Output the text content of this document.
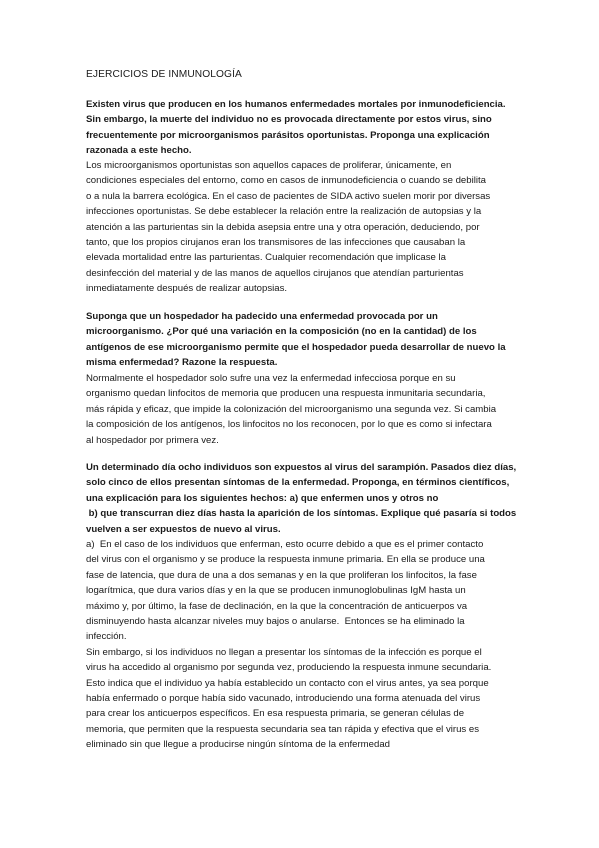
EJERCICIOS DE INMUNOLOGÍA
Existen virus que producen en los humanos enfermedades mortales por inmunodeficiencia.
Sin embargo, la muerte del individuo no es provocada directamente por estos virus, sino
frecuentemente por microorganismos parásitos oportunistas. Proponga una explicación
razonada a este hecho.
Los microorganismos oportunistas son aquellos capaces de proliferar, únicamente, en
condiciones especiales del entorno, como en casos de inmunodeficiencia o cuando se debilita
o a nula la barrera ecológica. En el caso de pacientes de SIDA activo suelen morir por diversas
infecciones oportunistas. Se debe establecer la relación entre la realización de autopsias y la
atención a las parturientas sin la debida asepsia entre una y otra operación, deduciendo, por
tanto, que los propios cirujanos eran los transmisores de las infecciones que causaban la
elevada mortalidad entre las parturientas. Cualquier recomendación que implicase la
desinfección del material y de las manos de aquellos cirujanos que atendían parturientas
inmediatamente después de realizar autopsias.
Suponga que un hospedador ha padecido una enfermedad provocada por un
microorganismo. ¿Por qué una variación en la composición (no en la cantidad) de los
antígenos de ese microorganismo permite que el hospedador pueda desarrollar de nuevo la
misma enfermedad? Razone la respuesta.
Normalmente el hospedador solo sufre una vez la enfermedad infecciosa porque en su
organismo quedan linfocitos de memoria que producen una respuesta inmunitaria secundaria,
más rápida y eficaz, que impide la colonización del microorganismo una segunda vez. Si cambia
la composición de los antígenos, los linfocitos no los reconocen, por lo que es como si infectara
al hospedador por primera vez.
Un determinado día ocho individuos son expuestos al virus del sarampión. Pasados diez días,
solo cinco de ellos presentan síntomas de la enfermedad. Proponga, en términos científicos,
una explicación para los siguientes hechos: a) que enfermen unos y otros no
b) que transcurran diez días hasta la aparición de los síntomas. Explique qué pasaría si todos
vuelven a ser expuestos de nuevo al virus.
a)  En el caso de los individuos que enferman, esto ocurre debido a que es el primer contacto
del virus con el organismo y se produce la respuesta inmune primaria. En ella se produce una
fase de latencia, que dura de una a dos semanas y en la que proliferan los linfocitos, la fase
logarítmica, que dura varios días y en la que se producen inmunoglobulinas IgM hasta un
máximo y, por último, la fase de declinación, en la que la concentración de anticuerpos va
disminuyendo hasta alcanzar niveles muy bajos o anularse.  Entonces se ha eliminado la
infección.
Sin embargo, si los individuos no llegan a presentar los síntomas de la infección es porque el
virus ha accedido al organismo por segunda vez, produciendo la respuesta inmune secundaria.
Esto indica que el individuo ya había establecido un contacto con el virus antes, ya sea porque
había enfermado o porque había sido vacunado, introduciendo una forma atenuada del virus
para crear los anticuerpos específicos. En esa respuesta primaria, se generan células de
memoria, que permiten que la respuesta secundaria sea tan rápida y efectiva que el virus es
eliminado sin que llegue a producirse ningún síntoma de la enfermedad
